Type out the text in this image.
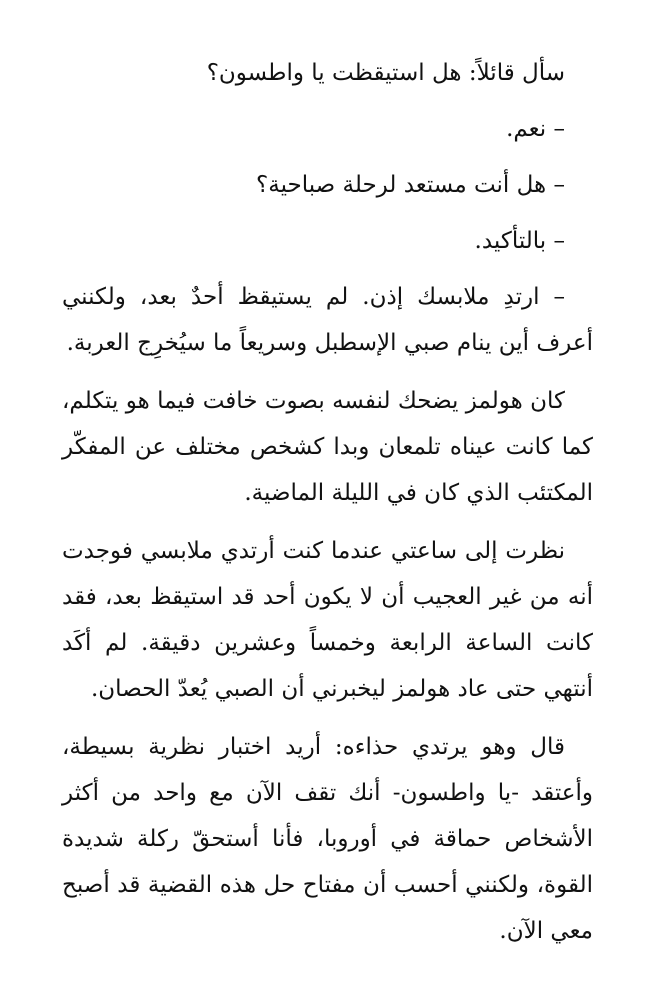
سأل قائلاً: هل استيقظت يا واطسون؟

– نعم.

– هل أنت مستعد لرحلة صباحية؟

– بالتأكيد.

– ارتدِ ملابسك إذن. لم يستيقظ أحدٌ بعد، ولكنني أعرف أين ينام صبي الإسطبل وسريعاً ما سيُخرِج العربة.

كان هولمز يضحك لنفسه بصوت خافت فيما هو يتكلم، كما كانت عيناه تلمعان وبدا كشخص مختلف عن المفكّر المكتئب الذي كان في الليلة الماضية.

نظرت إلى ساعتي عندما كنت أرتدي ملابسي فوجدت أنه من غير العجيب أن لا يكون أحد قد استيقظ بعد، فقد كانت الساعة الرابعة وخمساً وعشرين دقيقة. لم أكَد أنتهي حتى عاد هولمز ليخبرني أن الصبي يُعدّ الحصان.

قال وهو يرتدي حذاءه: أريد اختبار نظرية بسيطة، وأعتقد -يا واطسون- أنك تقف الآن مع واحد من أكثر الأشخاص حماقة في أوروبا، فأنا أستحقّ ركلة شديدة القوة، ولكنني أحسب أن مفتاح حل هذه القضية قد أصبح معي الآن.
